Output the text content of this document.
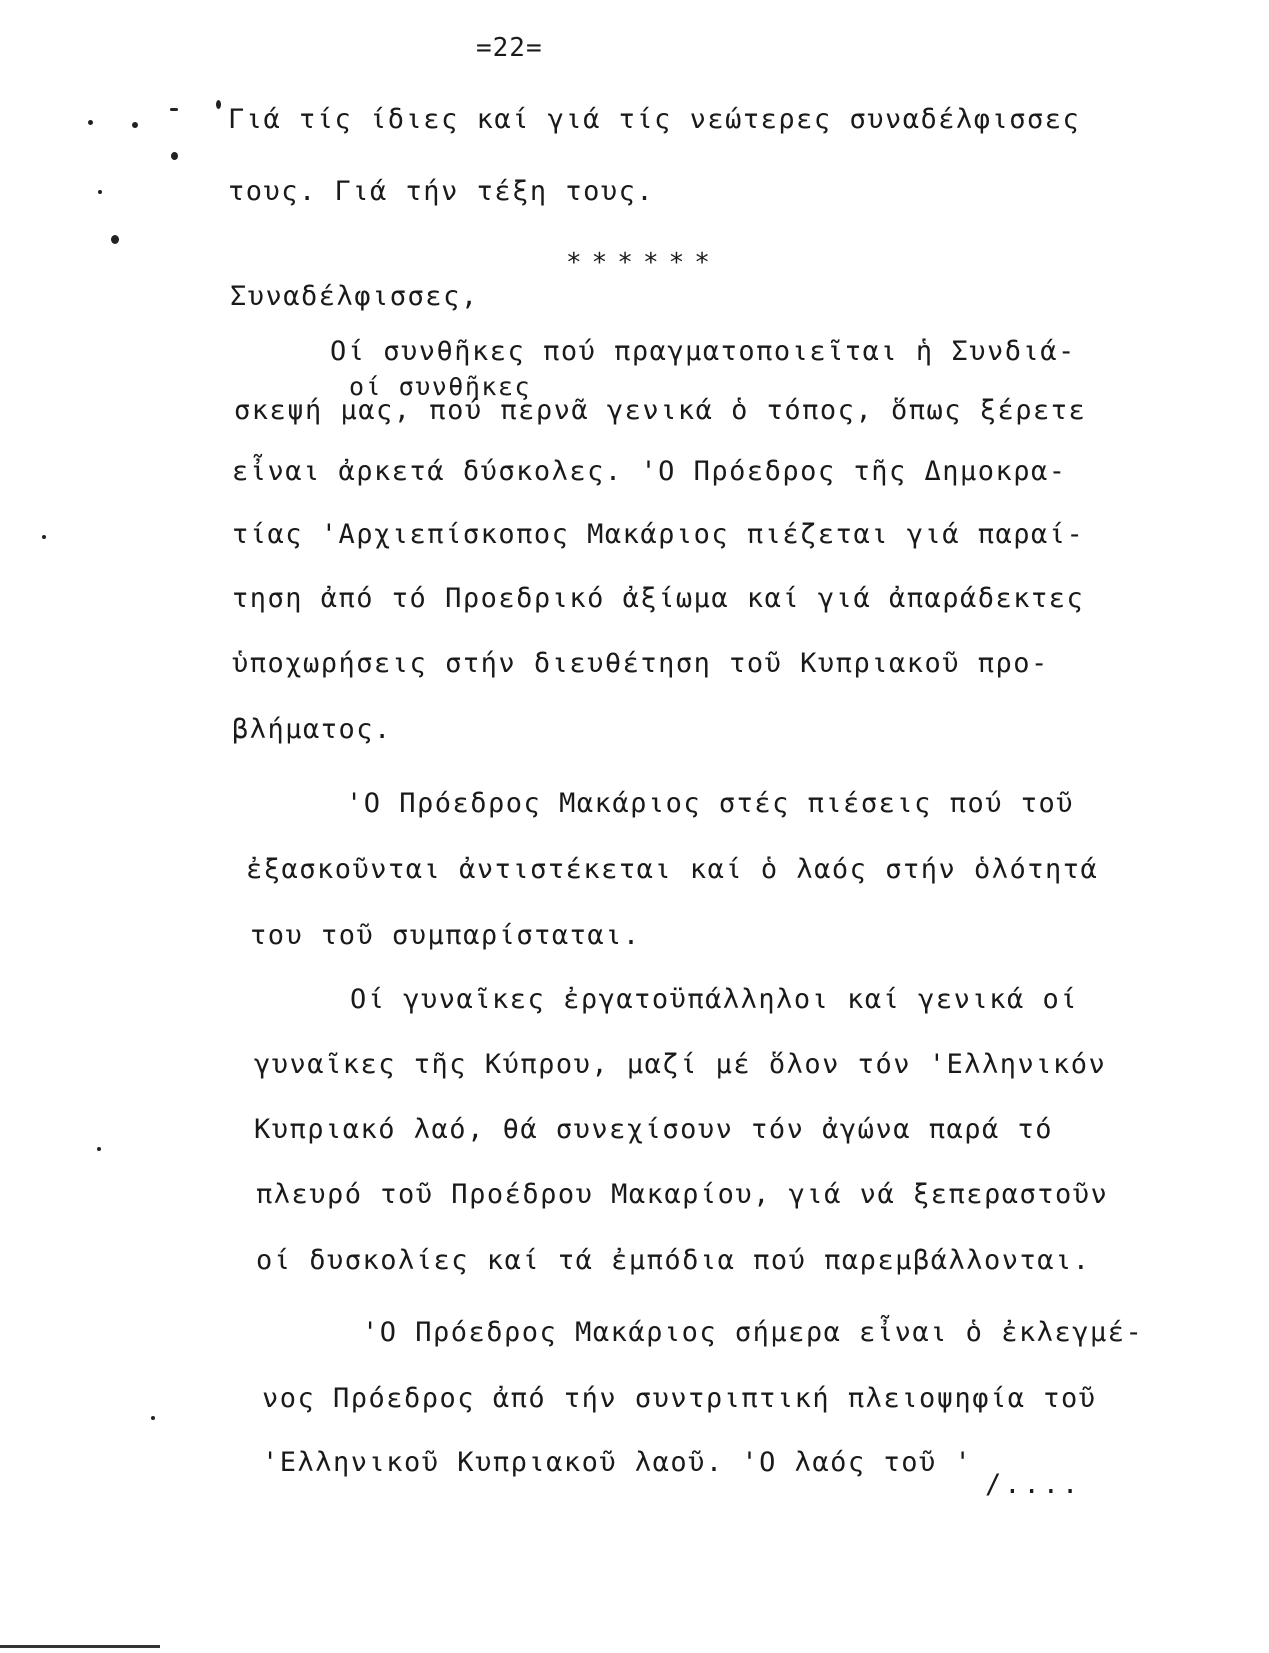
=22=
Γιά τίς ίδιες καί γιά τίς νεώτερες συναδέλφισσες
τους. Γιά τήν τέξη τους.
******
Συναδέλφισσες,
Οί συνθῆκες πού πραγματοποιεῖται ἡ Συνδιά-
οί συνθῆκες
σκεψή μας, πού περνᾶ γενικά ὁ τόπος, ὅπως ξέρετε
εἶναι ἀρκετά δύσκολες. 'Ο Πρόεδρος τῆς Δημοκρα-
τίας 'Αρχιεπίσκοπος Μακάριος πιέζεται γιά παραί-
τηση ἀπό τό Προεδρικό ἀξίωμα καί γιά ἀπαράδεκτες
ὑποχωρήσεις στήν διευθέτηση τοῦ Κυπριακοῦ προ-
βλήματος.
'Ο Πρόεδρος Μακάριος στές πιέσεις πού τοῦ
ἐξασκοῦνται ἀντιστέκεται καί ὁ λαός στήν ὁλότητά
του τοῦ συμπαρίσταται.
Οί γυναῖκες ἐργατοϋπάλληλοι καί γενικά οί
γυναῖκες τῆς Κύπρου, μαζί μέ ὅλον τόν 'Ελληνικόν
Κυπριακό λαό, θά συνεχίσουν τόν ἀγώνα παρά τό
πλευρό τοῦ Προέδρου Μακαρίου, γιά νά ξεπεραστοῦν
οί δυσκολίες καί τά ἐμπόδια πού παρεμβάλλονται.
'Ο Πρόεδρος Μακάριος σήμερα εἶναι ὁ ἐκλεγμέ-
νος Πρόεδρος ἀπό τήν συντριπτική πλειοψηφία τοῦ
'Ελληνικοῦ Κυπριακοῦ λαοῦ. 'Ο λαός τοῦ '
/....
